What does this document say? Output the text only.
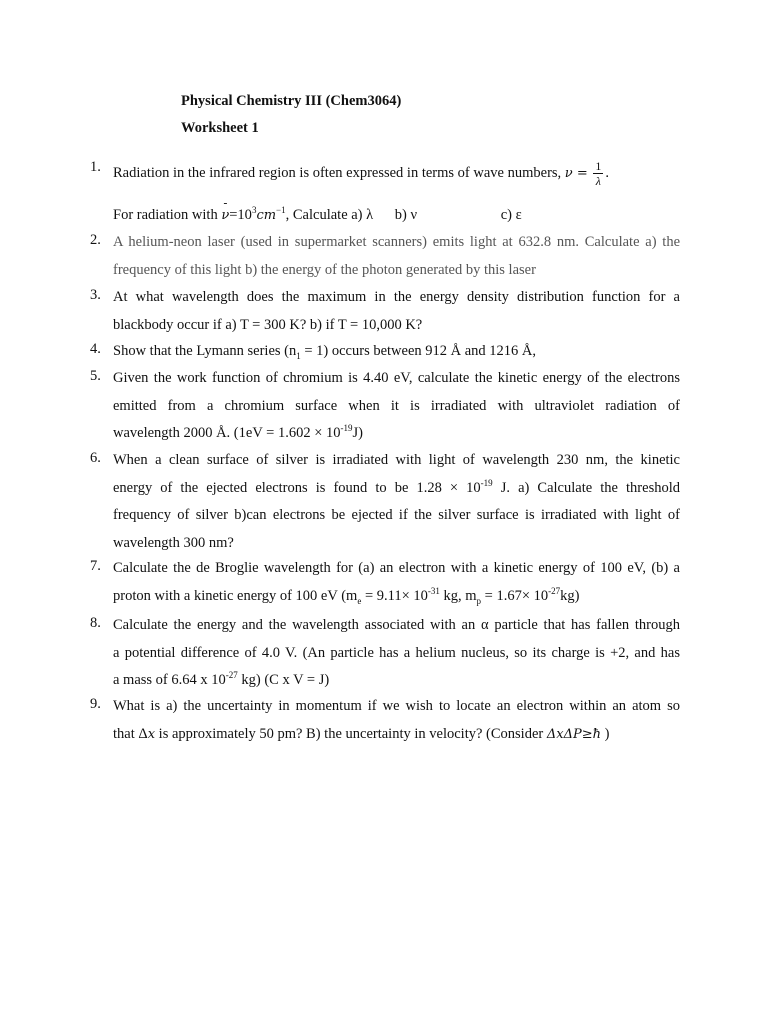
Physical Chemistry III (Chem3064)
Worksheet 1
1. Radiation in the infrared region is often expressed in terms of wave numbers, $\nu = \frac{1}{\lambda}$ .
For radiation with - $\nu=10^3cm^{-1}$, Calculate a) λ b) ν	c) ε
2. A helium-neon laser (used in supermarket scanners) emits light at 632.8 nm. Calculate a) the
frequency of this light b) the energy of the photon generated by this laser
3. At what wavelength does the maximum in the energy density distribution function for a
blackbody occur if a) T = 300 K? b) if T = 10,000 K?
4. Show that the Lymann series $(n_1 = 1)$ occurs between 912 Å and 1216 Å,
5. Given the work function of chromium is 4.40 eV, calculate the kinetic energy of the electrons
emitted from a chromium surface when it is irradiated with ultraviolet radiation of
wavelength 2000 Å. $(1eV = 1.602 \times 10^{-19}J)$
6. When a clean surface of silver is irradiated with light of wavelength 230 nm, the kinetic
energy of the ejected electrons is found to be $1.28 \times 10^{-19}$ J. a) Calculate the threshold
frequency of silver b)can electrons be ejected if the silver surface is irradiated with light of
wavelength 300 nm?
7. Calculate the de Broglie wavelength for (a) an electron with a kinetic energy of 100 eV, (b) a
proton with a kinetic energy of 100 eV ($m_e = 9.11\times 10^{-31}$ kg, $m_p = 1.67\times 10^{-27}kg$)
8. Calculate the energy and the wavelength associated with an α particle that has fallen through
a potential difference of 4.0 V. (An particle has a helium nucleus, so its charge is +2, and has
a mass of 6.64 x $10^{-27}$ kg) (C x V = J)
9. What is a) the uncertainty in momentum if we wish to locate an electron within an atom so
that Δx is approximately 50 pm? B) the uncertainty in velocity? (Consider ΔxΔP≥ħ )
